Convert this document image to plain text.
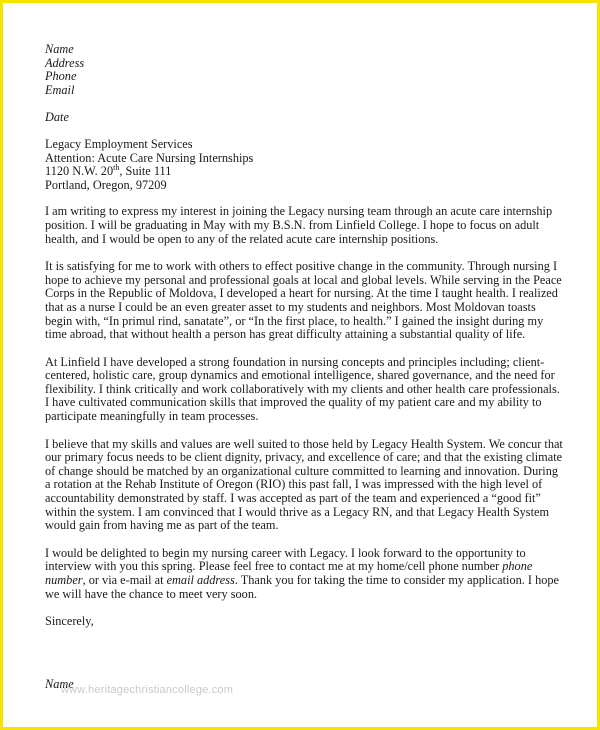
Name
Address
Phone
Email
Date
Legacy Employment Services
Attention: Acute Care Nursing Internships
1120 N.W. 20th, Suite 111
Portland, Oregon, 97209

I am writing to express my interest in joining the Legacy nursing team through an acute care internship position. I will be graduating in May with my B.S.N. from Linfield College. I hope to focus on adult health, and I would be open to any of the related acute care internship positions.

It is satisfying for me to work with others to effect positive change in the community. Through nursing I hope to achieve my personal and professional goals at local and global levels. While serving in the Peace Corps in the Republic of Moldova, I developed a heart for nursing. At the time I taught health. I realized that as a nurse I could be an even greater asset to my students and neighbors. Most Moldovan toasts begin with, “In primul rind, sanatate”, or “In the first place, to health.” I gained the insight during my time abroad, that without health a person has great difficulty attaining a substantial quality of life.

At Linfield I have developed a strong foundation in nursing concepts and principles including; client-centered, holistic care, group dynamics and emotional intelligence, shared governance, and the need for flexibility. I think critically and work collaboratively with my clients and other health care professionals. I have cultivated communication skills that improved the quality of my patient care and my ability to participate meaningfully in team processes.

I believe that my skills and values are well suited to those held by Legacy Health System. We concur that our primary focus needs to be client dignity, privacy, and excellence of care; and that the existing climate of change should be matched by an organizational culture committed to learning and innovation. During a rotation at the Rehab Institute of Oregon (RIO) this past fall, I was impressed with the high level of accountability demonstrated by staff. I was accepted as part of the team and experienced a “good fit” within the system. I am convinced that I would thrive as a Legacy RN, and that Legacy Health System would gain from having me as part of the team.

I would be delighted to begin my nursing career with Legacy. I look forward to the opportunity to interview with you this spring. Please feel free to contact me at my home/cell phone number phone number, or via e-mail at email address. Thank you for taking the time to consider my application. I hope we will have the chance to meet very soon.

Sincerely,
Name
www.heritagechristiancollege.com
